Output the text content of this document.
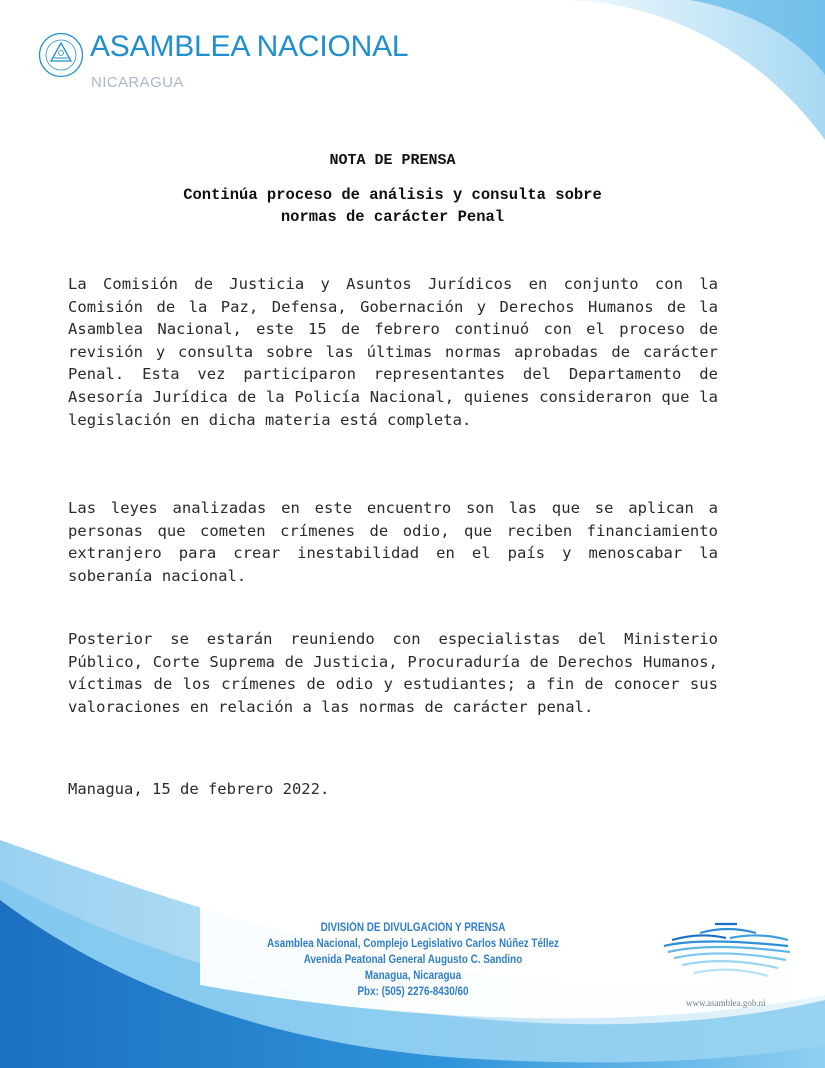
ASAMBLEA NACIONAL
NICARAGUA
NOTA DE PRENSA
Continúa proceso de análisis y consulta sobre
normas de carácter Penal

La Comisión de Justicia y Asuntos Jurídicos en conjunto con la Comisión de la Paz, Defensa, Gobernación y Derechos Humanos de la Asamblea Nacional, este 15 de febrero continuó con el proceso de revisión y consulta sobre las últimas normas aprobadas de carácter Penal. Esta vez participaron representantes del Departamento de Asesoría Jurídica de la Policía Nacional, quienes consideraron que la legislación en dicha materia está completa.

Las leyes analizadas en este encuentro son las que se aplican a personas que cometen crímenes de odio, que reciben financiamiento extranjero para crear inestabilidad en el país y menoscabar la soberanía nacional.

Posterior se estarán reuniendo con especialistas del Ministerio Público, Corte Suprema de Justicia, Procuraduría de Derechos Humanos, víctimas de los crímenes de odio y estudiantes; a fin de conocer sus valoraciones en relación a las normas de carácter penal.

Managua, 15 de febrero 2022.
DIVISIÓN DE DIVULGACIÓN Y PRENSA
Asamblea Nacional, Complejo Legislativo Carlos Núñez Téllez
Avenida Peatonal General Augusto C. Sandino
Managua, Nicaragua
Pbx: (505) 2276-8430/60
www.asamblea.gob.ni
